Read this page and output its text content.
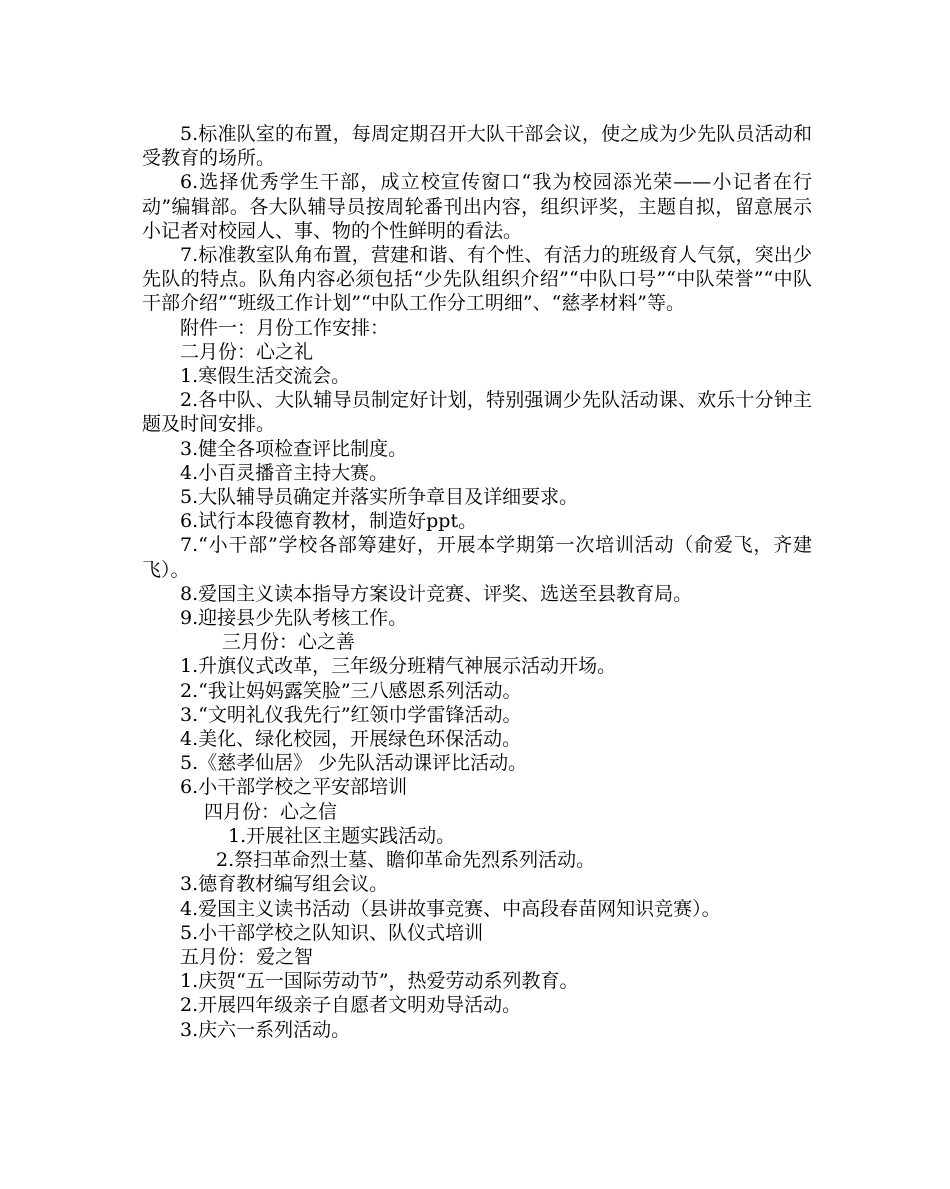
5.标准队室的布置，每周定期召开大队干部会议，使之成为少先队员活动和受教育的场所。

6.选择优秀学生干部，成立校宣传窗口“我为校园添光荣——小记者在行动”编辑部。各大队辅导员按周轮番刊出内容，组织评奖，主题自拟，留意展示小记者对校园人、事、物的个性鲜明的看法。

7.标准教室队角布置，营建和谐、有个性、有活力的班级育人气氛，突出少先队的特点。队角内容必须包括“少先队组织介绍”“中队口号”“中队荣誉”“中队干部介绍”“班级工作计划”“中队工作分工明细”、“慈孝材料”等。

附件一：月份工作安排：

二月份：心之礼

1.寒假生活交流会。

2.各中队、大队辅导员制定好计划，特别强调少先队活动课、欢乐十分钟主题及时间安排。

3.健全各项检查评比制度。

4.小百灵播音主持大赛。

5.大队辅导员确定并落实所争章目及详细要求。

6.试行本段德育教材，制造好ppt。

7.“小干部”学校各部筹建好，开展本学期第一次培训活动（俞爱飞，齐建飞）。

8.爱国主义读本指导方案设计竞赛、评奖、选送至县教育局。

9.迎接县少先队考核工作。

三月份：心之善

1.升旗仪式改革，三年级分班精气神展示活动开场。

2.“我让妈妈露笑脸”三八感恩系列活动。

3.“文明礼仪我先行”红领巾学雷锋活动。

4.美化、绿化校园，开展绿色环保活动。

5.《慈孝仙居》 少先队活动课评比活动。

6.小干部学校之平安部培训

四月份：心之信

1.开展社区主题实践活动。

2.祭扫革命烈士墓、瞻仰革命先烈系列活动。

3.德育教材编写组会议。

4.爱国主义读书活动（县讲故事竞赛、中高段春苗网知识竞赛）。

5.小干部学校之队知识、队仪式培训

五月份：爱之智

1.庆贺“五一国际劳动节”，热爱劳动系列教育。

2.开展四年级亲子自愿者文明劝导活动。

3.庆六一系列活动。
